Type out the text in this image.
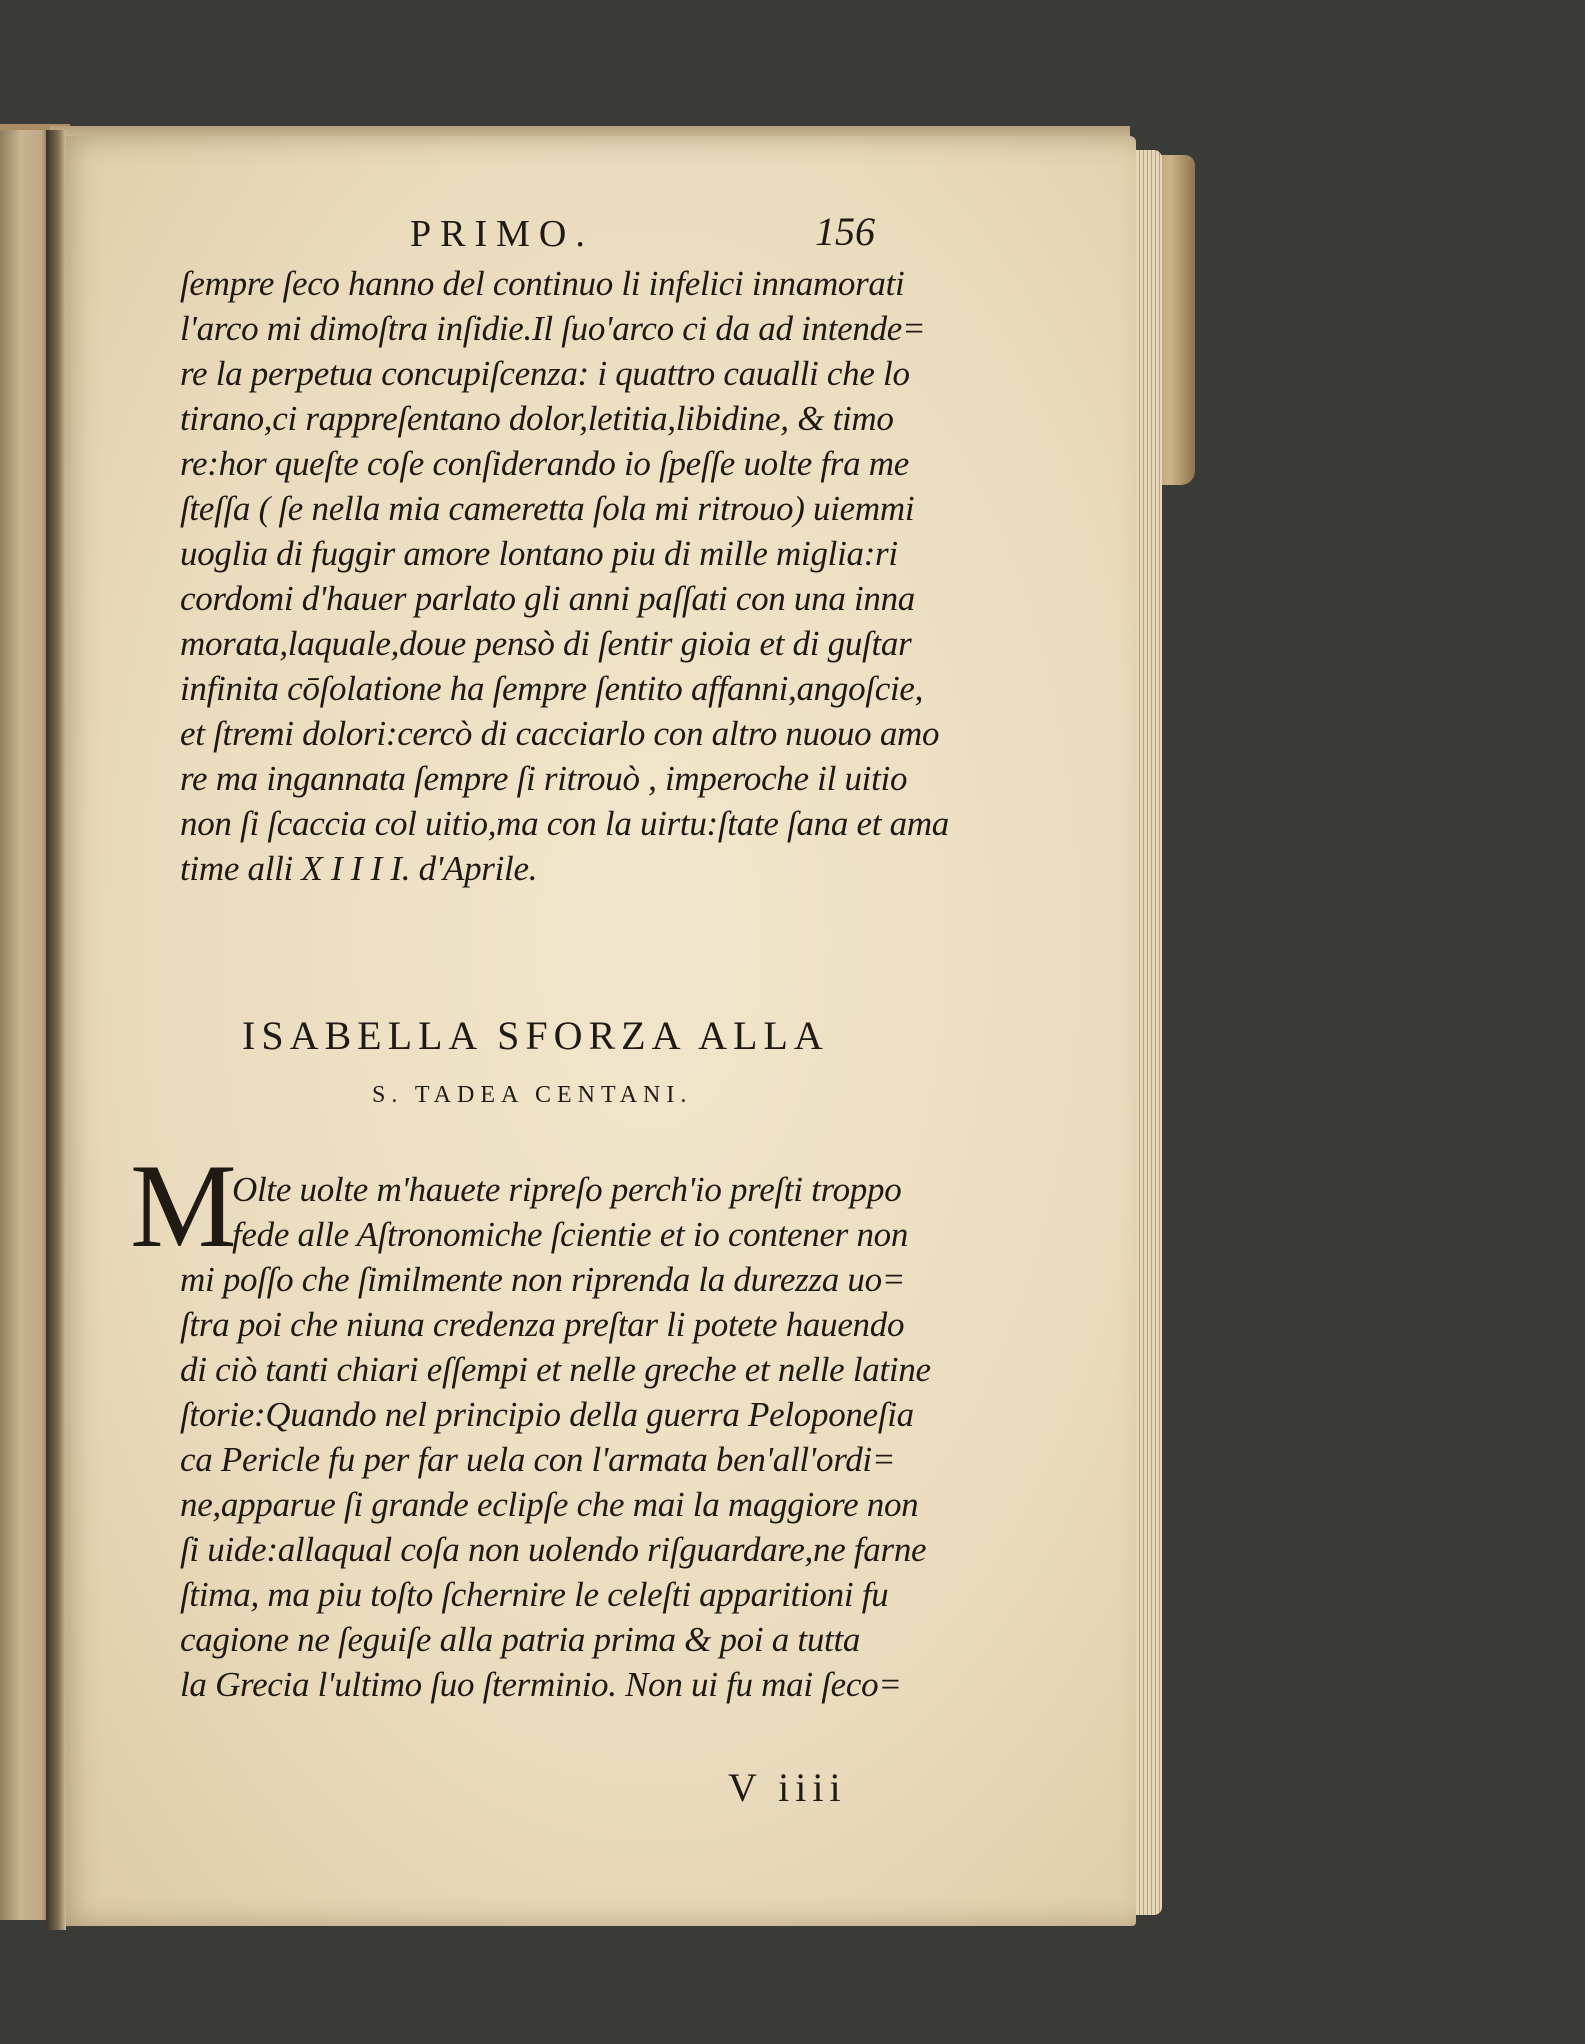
PRIMO.	156
ſempre ſeco hanno del continuo li infelici innamorati
l'arco mi dimoſtra inſidie.Il ſuo'arco ci da ad intende=
re la perpetua concupiſcenza: i quattro caualli che lo
tirano,ci rappreſentano dolor,letitia,libidine, & timo
re:hor queſte coſe conſiderando io ſpeſſe uolte fra me
ſteſſa ( ſe nella mia cameretta ſola mi ritrouo) uiemmi
uoglia di fuggir amore lontano piu di mille miglia:ri
cordomi d'hauer parlato gli anni paſſati con una inna
morata,laquale,doue pensò di ſentir gioia et di guſtar
infinita cōſolatione ha ſempre ſentito affanni,angoſcie,
et ſtremi dolori:cercò di cacciarlo con altro nuouo amo
re ma ingannata ſempre ſi ritrouò , imperoche il uitio
non ſi ſcaccia col uitio,ma con la uirtu:ſtate ſana et ama
time alli X I I I I. d'Aprile.
ISABELLA SFORZA ALLA
S. TADEA CENTANI.
M
Olte uolte m'hauete ripreſo perch'io preſti troppo
fede alle Aſtronomiche ſcientie et io contener non
mi poſſo che ſimilmente non riprenda la durezza uo=
ſtra poi che niuna credenza preſtar li potete hauendo
di ciò tanti chiari eſſempi et nelle greche et nelle latine
ſtorie:Quando nel principio della guerra Peloponeſia
ca Pericle fu per far uela con l'armata ben'all'ordi=
ne,apparue ſi grande eclipſe che mai la maggiore non
ſi uide:allaqual coſa non uolendo riſguardare,ne farne
ſtima, ma piu toſto ſchernire le celeſti apparitioni fu
cagione ne ſeguiſe alla patria prima & poi a tutta
la Grecia l'ultimo ſuo ſterminio. Non ui fu mai ſeco=
V iiii
